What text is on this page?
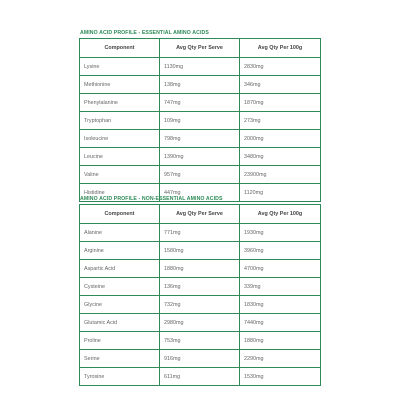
AMINO ACID PROFILE - ESSENTIAL AMINO ACIDS
Component	Avg Qty Per Serve	Avg Qty Per 100g
Lysine	1130mg	2830mg
Methionine	138mg	346mg
Phenylalanine	747mg	1870mg
Tryptophan	109mg	273mg
Isoleucine	798mg	2000mg
Leucine	1390mg	3480mg
Valine	957mg	23900mg
Histidine	447mg	1120mg
AMINO ACID PROFILE - NON-ESSENTIAL AMINO ACIDS
Component	Avg Qty Per Serve	Avg Qty Per 100g
Alanine	771mg	1930mg
Arginine	1580mg	3960mg
Aspartic Acid	1880mg	4700mg
Cysteine	136mg	339mg
Glycine	732mg	1830mg
Glutamic Acid	2980mg	7440mg
Proline	753mg	1880mg
Serine	916mg	2290mg
Tyrosine	611mg	1530mg
